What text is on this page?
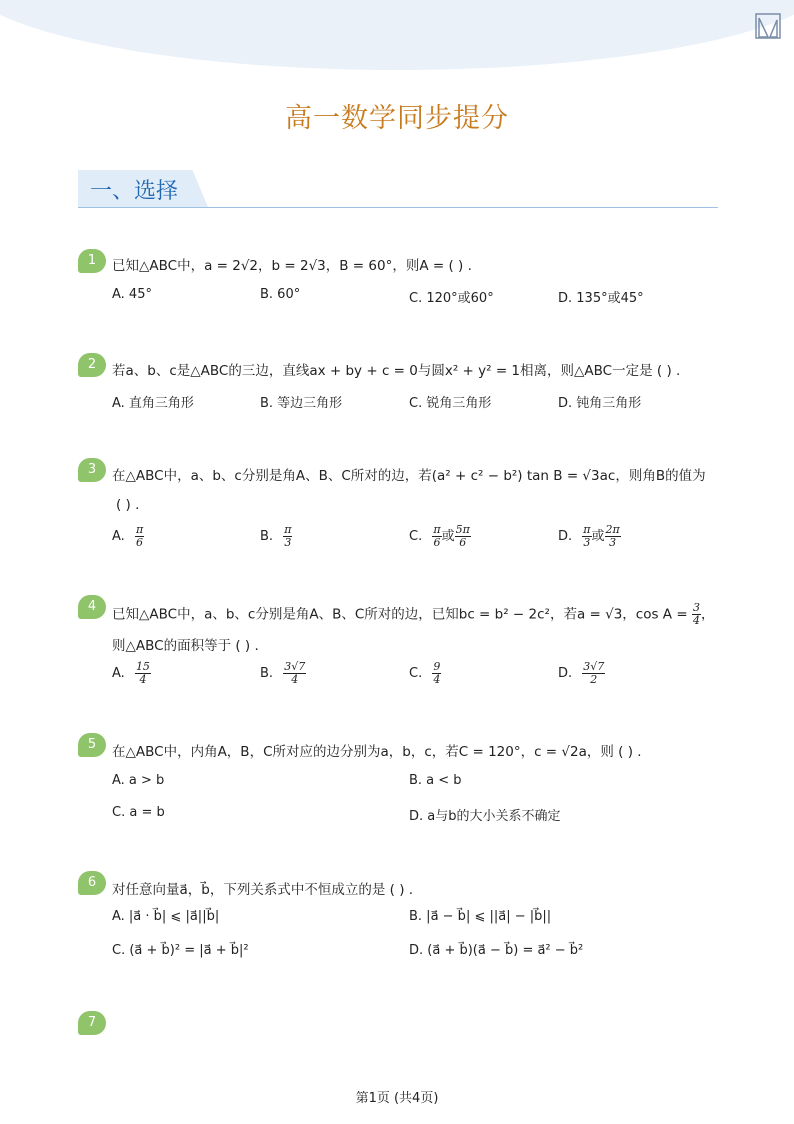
高一数学同步提分
一、选择
1	已知△ABC中，a = 2√2，b = 2√3，B = 60°，则A = ( ) .
A. 45°	B. 60°	C. 120°或60°	D. 135°或45°
2	若a、b、c是△ABC的三边，直线ax + by + c = 0与圆x² + y² = 1相离，则△ABC一定是 ( ) .
A. 直角三角形	B. 等边三角形	C. 锐角三角形	D. 钝角三角形
3	在△ABC中，a、b、c分别是角A、B、C所对的边，若(a² + c² − b²) tan B = √3ac，则角B的值为
( ) .
A. $\frac{\pi}{6}$	B. $\frac{\pi}{3}$	C. $\frac{\pi}{6}$ 或 $\frac{5\pi}{6}$	D. $\frac{\pi}{3}$ 或 $\frac{2\pi}{3}$
4	已知△ABC中，a、b、c分别是角A、B、C所对的边，已知bc = b² − 2c²，若a = √3，$\cos A = \frac{3}{4}$ ，
则△ABC的面积等于 ( ) .
A. $\frac{15}{4}$	B. $\frac{3√7}{4}$	C. $\frac{9}{4}$	D. $\frac{3√7}{2}$
5	在△ABC中，内角A，B，C所对应的边分别为a，b，c，若C = 120°，c = √2a，则 ( ) .
A. a > b	B. a < b
C. a = b	D. a与b的大小关系不确定
6	对任意向量a⃗，b⃗，下列关系式中不恒成立的是 ( ) .
A. |a⃗ · b⃗| ⩽ |a⃗||b⃗|	B. |a⃗ − b⃗| ⩽ ||a⃗| − |b⃗||
C. (a⃗ + b⃗)² = |a⃗ + b⃗|²	D. (a⃗ + b⃗)(a⃗ − b⃗) = a⃗² − b⃗²
7
第1页 (共4页)
